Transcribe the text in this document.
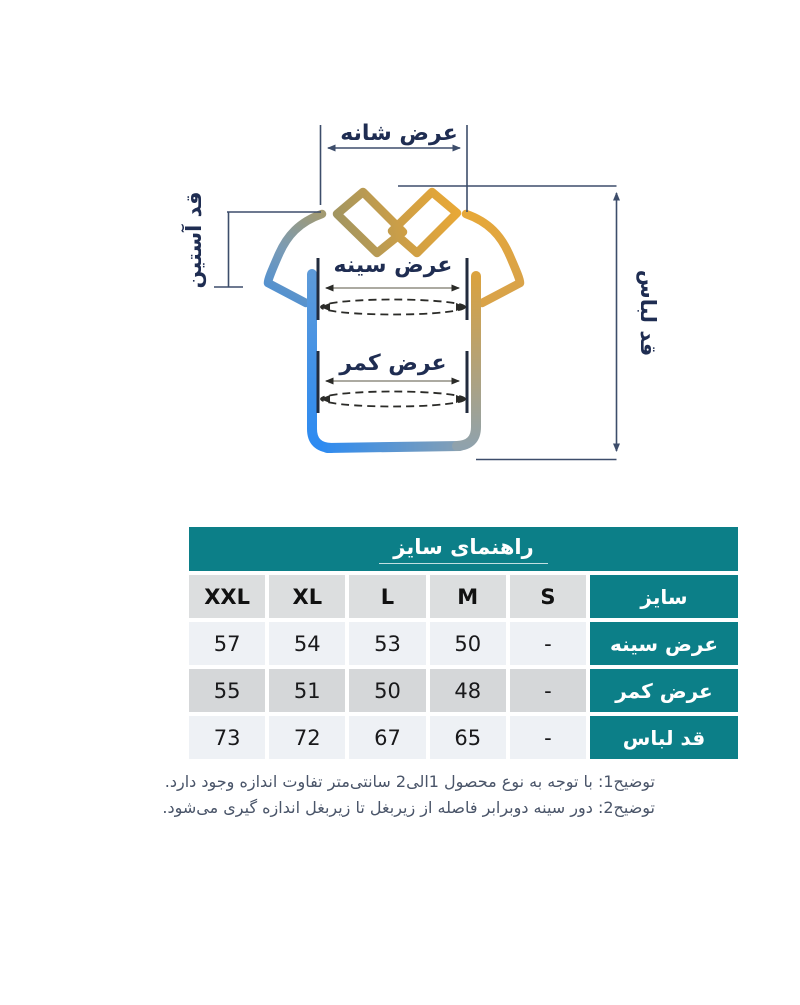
عرض شانه
عرض سینه
عرض کمر
قد آستین
قد لباس
راهنمای سایز
XXL	XL	L	M	S	سایز
57	54	53	50	-	عرض سینه
55	51	50	48	-	عرض کمر
73	72	67	65	-	قد لباس
توضیح1: با توجه به نوع محصول 1الی2 سانتی‌متر تفاوت اندازه وجود دارد.
توضیح2: دور سینه دوبرابر فاصله از زیربغل تا زیربغل اندازه گیری می‌شود.
